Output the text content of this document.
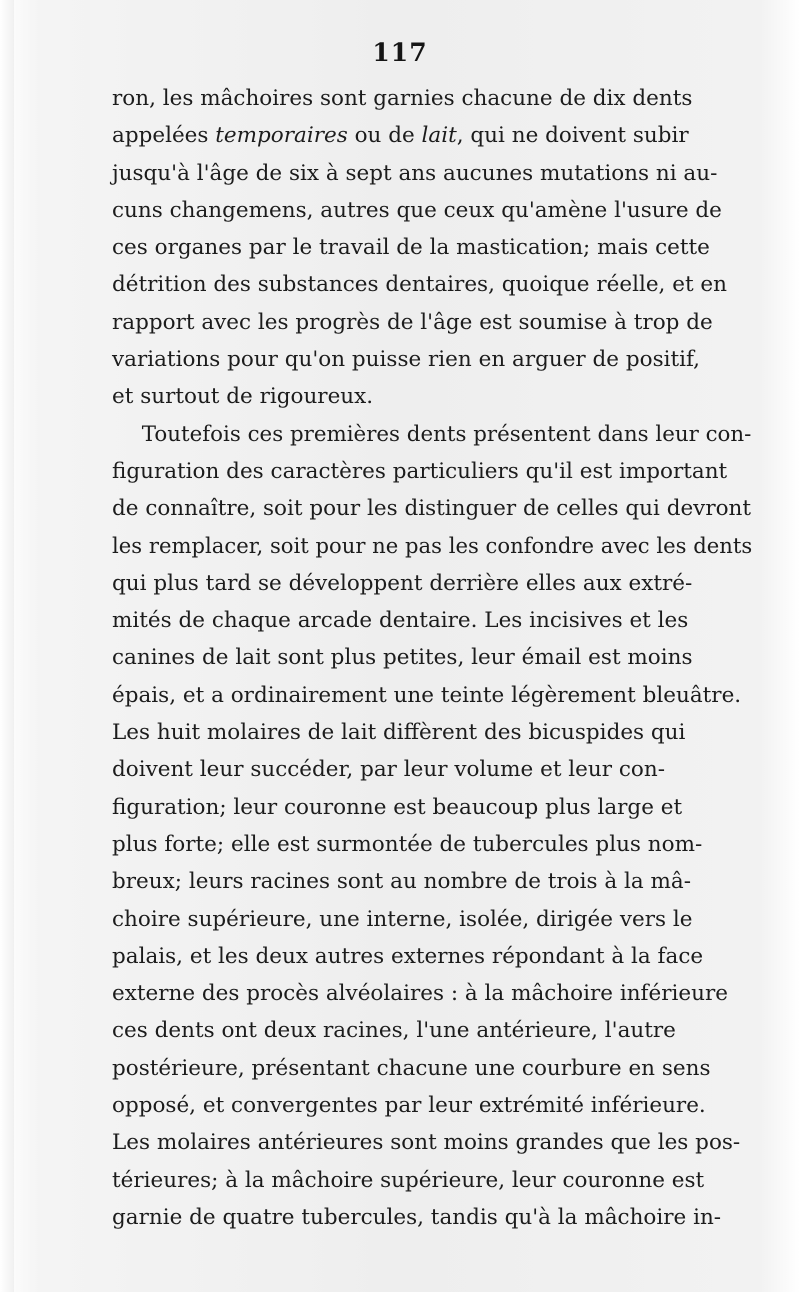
117
ron, les mâchoires sont garnies chacune de dix dents
appelées temporaires ou de lait, qui ne doivent subir
jusqu'à l'âge de six à sept ans aucunes mutations ni au-
cuns changemens, autres que ceux qu'amène l'usure de
ces organes par le travail de la mastication; mais cette
détrition des substances dentaires, quoique réelle, et en
rapport avec les progrès de l'âge est soumise à trop de
variations pour qu'on puisse rien en arguer de positif,
et surtout de rigoureux.
Toutefois ces premières dents présentent dans leur con-
figuration des caractères particuliers qu'il est important
de connaître, soit pour les distinguer de celles qui devront
les remplacer, soit pour ne pas les confondre avec les dents
qui plus tard se développent derrière elles aux extré-
mités de chaque arcade dentaire. Les incisives et les
canines de lait sont plus petites, leur émail est moins
épais, et a ordinairement une teinte légèrement bleuâtre.
Les huit molaires de lait diffèrent des bicuspides qui
doivent leur succéder, par leur volume et leur con-
figuration; leur couronne est beaucoup plus large et
plus forte; elle est surmontée de tubercules plus nom-
breux; leurs racines sont au nombre de trois à la mâ-
choire supérieure, une interne, isolée, dirigée vers le
palais, et les deux autres externes répondant à la face
externe des procès alvéolaires : à la mâchoire inférieure
ces dents ont deux racines, l'une antérieure, l'autre
postérieure, présentant chacune une courbure en sens
opposé, et convergentes par leur extrémité inférieure.
Les molaires antérieures sont moins grandes que les pos-
térieures; à la mâchoire supérieure, leur couronne est
garnie de quatre tubercules, tandis qu'à la mâchoire in-
